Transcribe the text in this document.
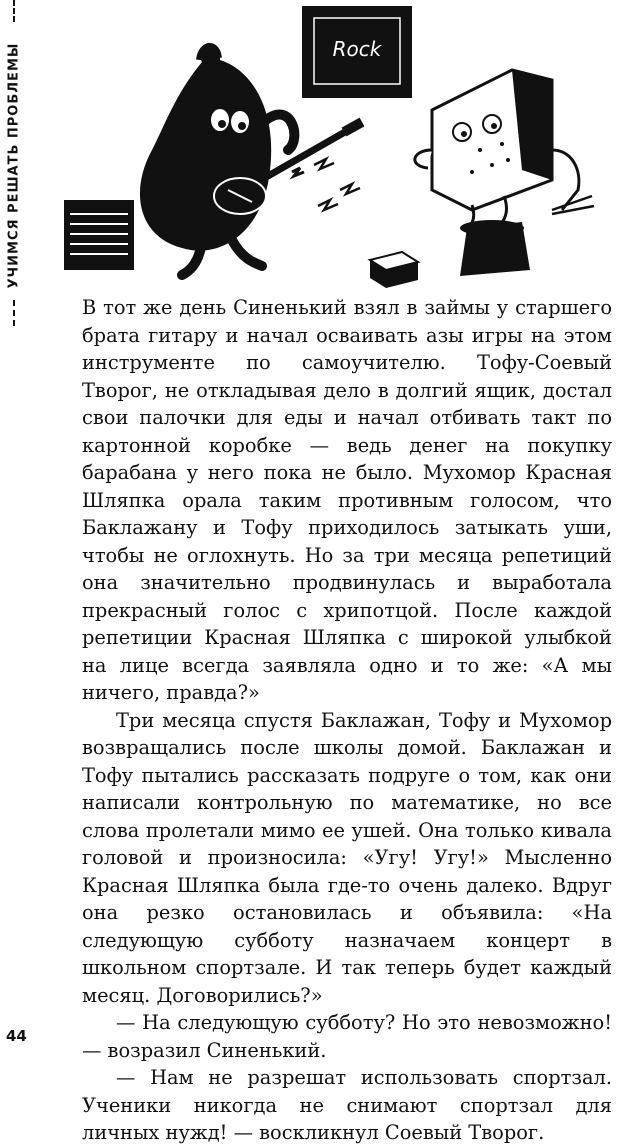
УЧИМСЯ РЕШАТЬ ПРОБЛЕМЫ	Rock

В тот же день Синенький взял в займы у старшего брата гитару и начал осваивать азы игры на этом инструменте по самоучителю. Тофу-Соевый Творог, не откладывая дело в долгий ящик, достал свои палочки для еды и начал отбивать такт по картонной коробке — ведь денег на покупку барабана у него пока не было. Мухомор Красная Шляпка орала таким противным голосом, что Баклажану и Тофу приходилось затыкать уши, чтобы не оглохнуть. Но за три месяца репетиций она значительно продвинулась и выработала прекрасный голос с хрипотцой. После каждой репетиции Красная Шляпка с широкой улыбкой на лице всегда заявляла одно и то же: «А мы ничего, правда?»

Три месяца спустя Баклажан, Тофу и Мухомор возвращались после школы домой. Баклажан и Тофу пытались рассказать подруге о том, как они написали контрольную по математике, но все слова пролетали мимо ее ушей. Она только кивала головой и произносила: «Угу! Угу!» Мысленно Красная Шляпка была где-то очень далеко. Вдруг она резко остановилась и объявила: «На следующую субботу назначаем концерт в школьном спортзале. И так теперь будет каждый месяц. Договорились?»

— На следующую субботу? Но это невозможно! — возразил Синенький.

— Нам не разрешат использовать спортзал. Ученики никогда не снимают спортзал для личных нужд! — воскликнул Соевый Творог.

44
